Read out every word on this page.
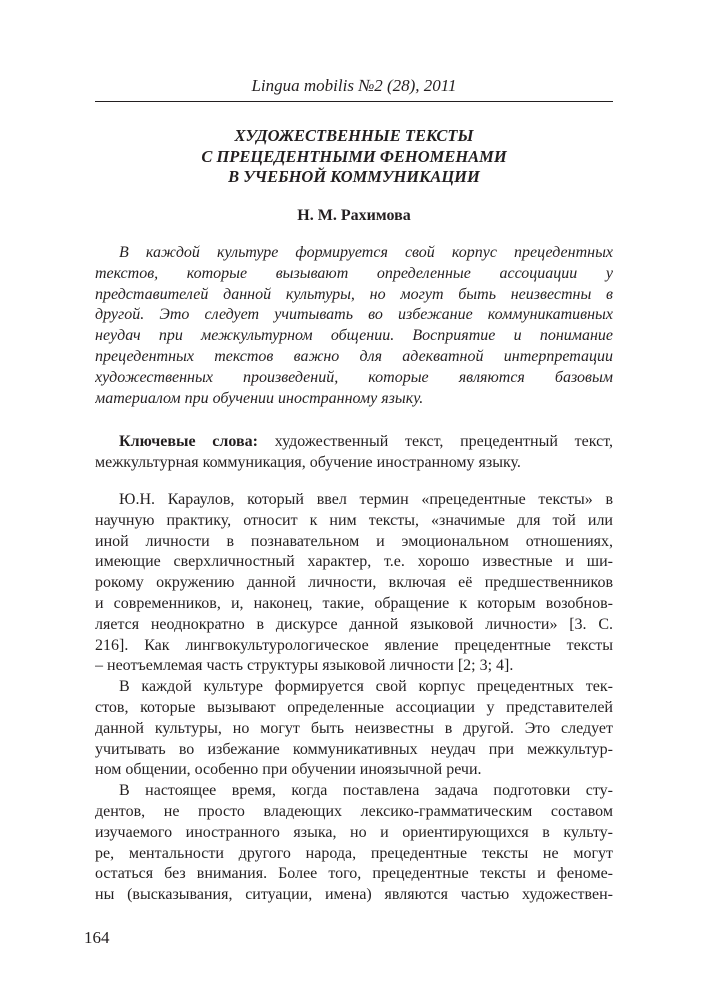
Lingua mobilis №2 (28), 2011
ХУДОЖЕСТВЕННЫЕ ТЕКСТЫ
С ПРЕЦЕДЕНТНЫМИ ФЕНОМЕНАМИ
В УЧЕБНОЙ КОММУНИКАЦИИ
Н. М. Рахимова
В каждой культуре формируется свой корпус прецедентных
текстов, которые вызывают определенные ассоциации у
представителей данной культуры, но могут быть неизвестны в
другой. Это следует учитывать во избежание коммуникативных
неудач при межкультурном общении. Восприятие и понимание
прецедентных текстов важно для адекватной интерпретации
художественных произведений, которые являются базовым
материалом при обучении иностранному языку.
Ключевые слова: художественный текст, прецедентный текст,
межкультурная коммуникация, обучение иностранному языку.
Ю.Н. Караулов, который ввел термин «прецедентные тексты» в
научную практику, относит к ним тексты, «значимые для той или
иной личности в познавательном и эмоциональном отношениях,
имеющие сверхличностный характер, т.е. хорошо известные и ши-
рокому окружению данной личности, включая её предшественников
и современников, и, наконец, такие, обращение к которым возобнов-
ляется неоднократно в дискурсе данной языковой личности» [3. С.
216]. Как лингвокультурологическое явление прецедентные тексты
– неотъемлемая часть структуры языковой личности [2; 3; 4].
В каждой культуре формируется свой корпус прецедентных тек-
стов, которые вызывают определенные ассоциации у представителей
данной культуры, но могут быть неизвестны в другой. Это следует
учитывать во избежание коммуникативных неудач при межкультур-
ном общении, особенно при обучении иноязычной речи.
В настоящее время, когда поставлена задача подготовки сту-
дентов, не просто владеющих лексико-грамматическим составом
изучаемого иностранного языка, но и ориентирующихся в культу-
ре, ментальности другого народа, прецедентные тексты не могут
остаться без внимания. Более того, прецедентные тексты и феноме-
ны (высказывания, ситуации, имена) являются частью художествен-
164
